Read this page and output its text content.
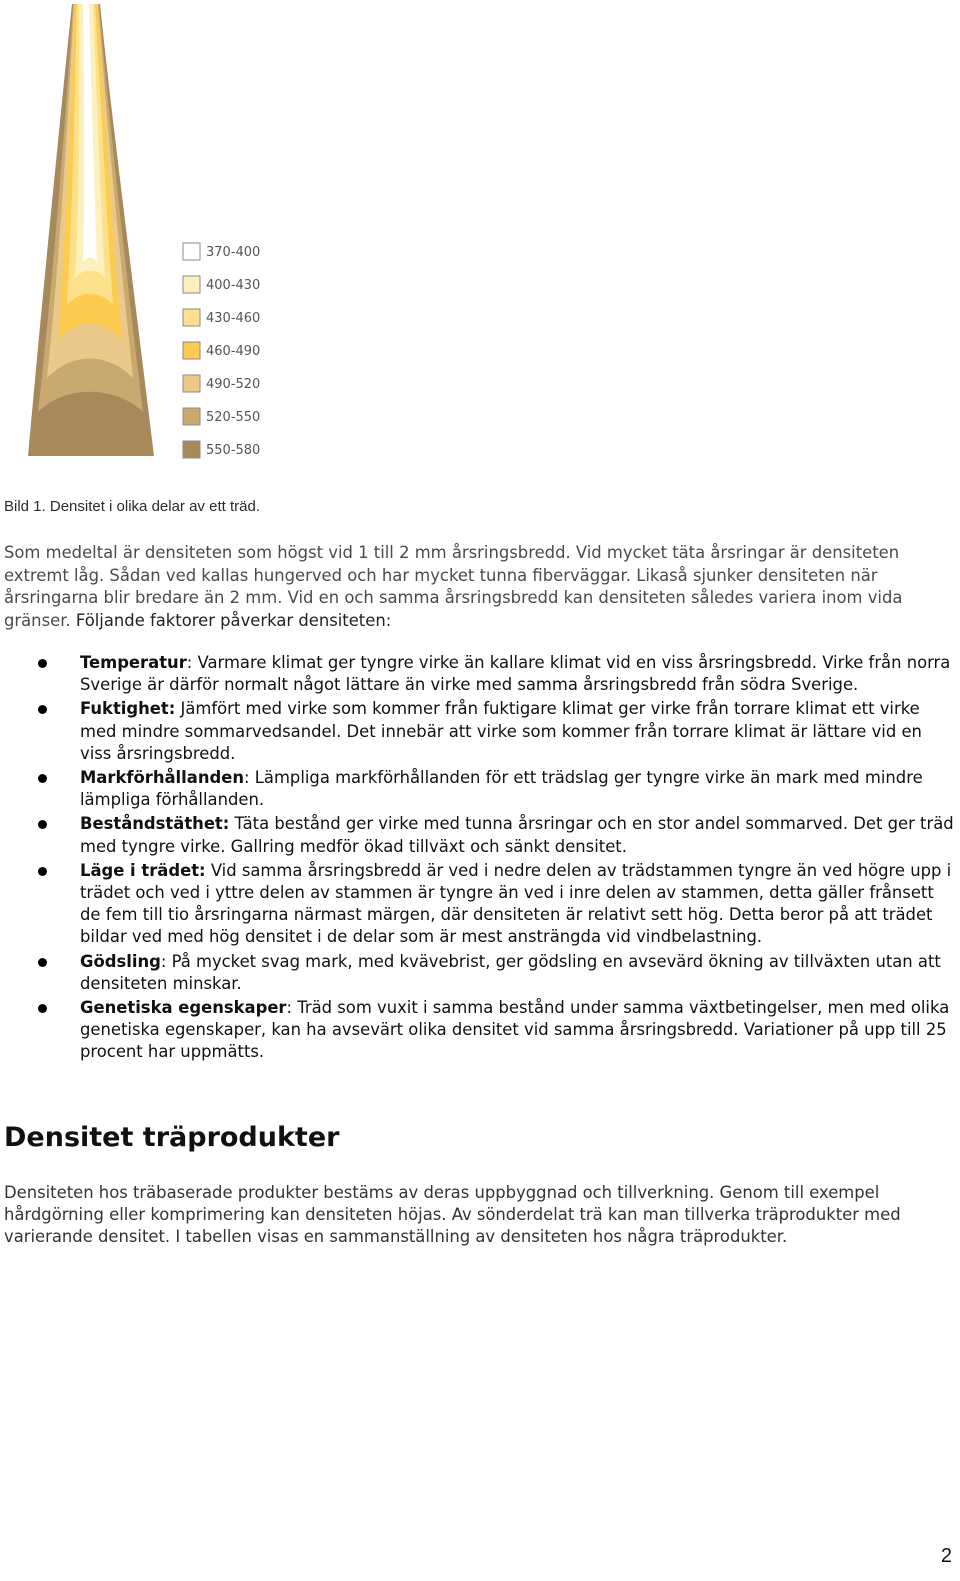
370-400
400-430
430-460
460-490
490-520
520-550
550-580
Bild 1. Densitet i olika delar av ett träd.

Som medeltal är densiteten som högst vid 1 till 2 mm årsringsbredd. Vid mycket täta årsringar är densiteten extremt låg. Sådan ved kallas hungerved och har mycket tunna fiberväggar. Likaså sjunker densiteten när årsringarna blir bredare än 2 mm. Vid en och samma årsringsbredd kan densiteten således variera inom vida gränser. Följande faktorer påverkar densiteten:

Temperatur: Varmare klimat ger tyngre virke än kallare klimat vid en viss årsringsbredd. Virke från norra Sverige är därför normalt något lättare än virke med samma årsringsbredd från södra Sverige.
Fuktighet: Jämfört med virke som kommer från fuktigare klimat ger virke från torrare klimat ett virke med mindre sommarvedsandel. Det innebär att virke som kommer från torrare klimat är lättare vid en viss årsringsbredd.
Markförhållanden: Lämpliga markförhållanden för ett trädslag ger tyngre virke än mark med mindre lämpliga förhållanden.
Beståndstäthet: Täta bestånd ger virke med tunna årsringar och en stor andel sommarved. Det ger träd med tyngre virke. Gallring medför ökad tillväxt och sänkt densitet.
Läge i trädet: Vid samma årsringsbredd är ved i nedre delen av trädstammen tyngre än ved högre upp i trädet och ved i yttre delen av stammen är tyngre än ved i inre delen av stammen, detta gäller frånsett de fem till tio årsringarna närmast märgen, där densiteten är relativt sett hög. Detta beror på att trädet bildar ved med hög densitet i de delar som är mest ansträngda vid vindbelastning.
Gödsling: På mycket svag mark, med kvävebrist, ger gödsling en avsevärd ökning av tillväxten utan att densiteten minskar.
Genetiska egenskaper: Träd som vuxit i samma bestånd under samma växtbetingelser, men med olika genetiska egenskaper, kan ha avsevärt olika densitet vid samma årsringsbredd. Variationer på upp till 25 procent har uppmätts.
Densitet träprodukter

Densiteten hos träbaserade produkter bestäms av deras uppbyggnad och tillverkning. Genom till exempel hårdgörning eller komprimering kan densiteten höjas. Av sönderdelat trä kan man tillverka träprodukter med varierande densitet. I tabellen visas en sammanställning av densiteten hos några träprodukter.

2
